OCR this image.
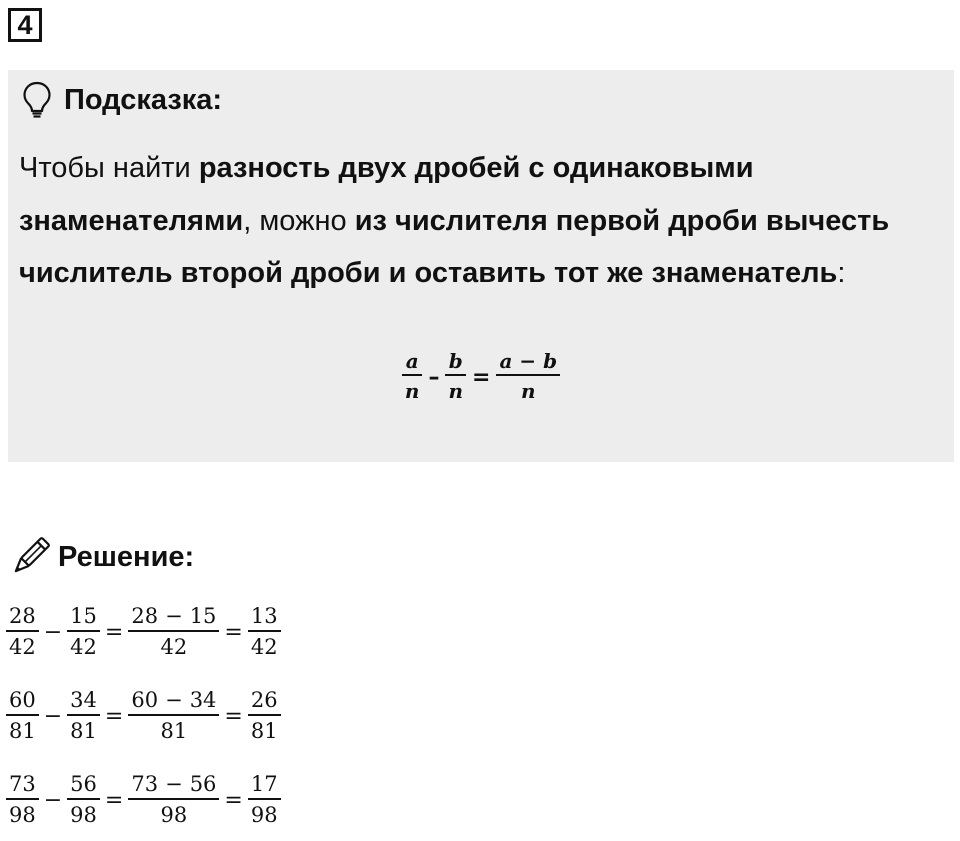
4
Подсказка:
Чтобы найти разность двух дробей с одинаковыми знаменателями, можно из числителя первой дроби вычесть числитель второй дроби и оставить тот же знаменатель:
$\frac{a}{n} - \frac{b}{n} = \frac{a - b}{n}$
Решение:
$\frac{28}{42} - \frac{15}{42} = \frac{28 - 15}{42} = \frac{13}{42}$
$\frac{60}{81} - \frac{34}{81} = \frac{60 - 34}{81} = \frac{26}{81}$
$\frac{73}{98} - \frac{56}{98} = \frac{73 - 56}{98} = \frac{17}{98}$
